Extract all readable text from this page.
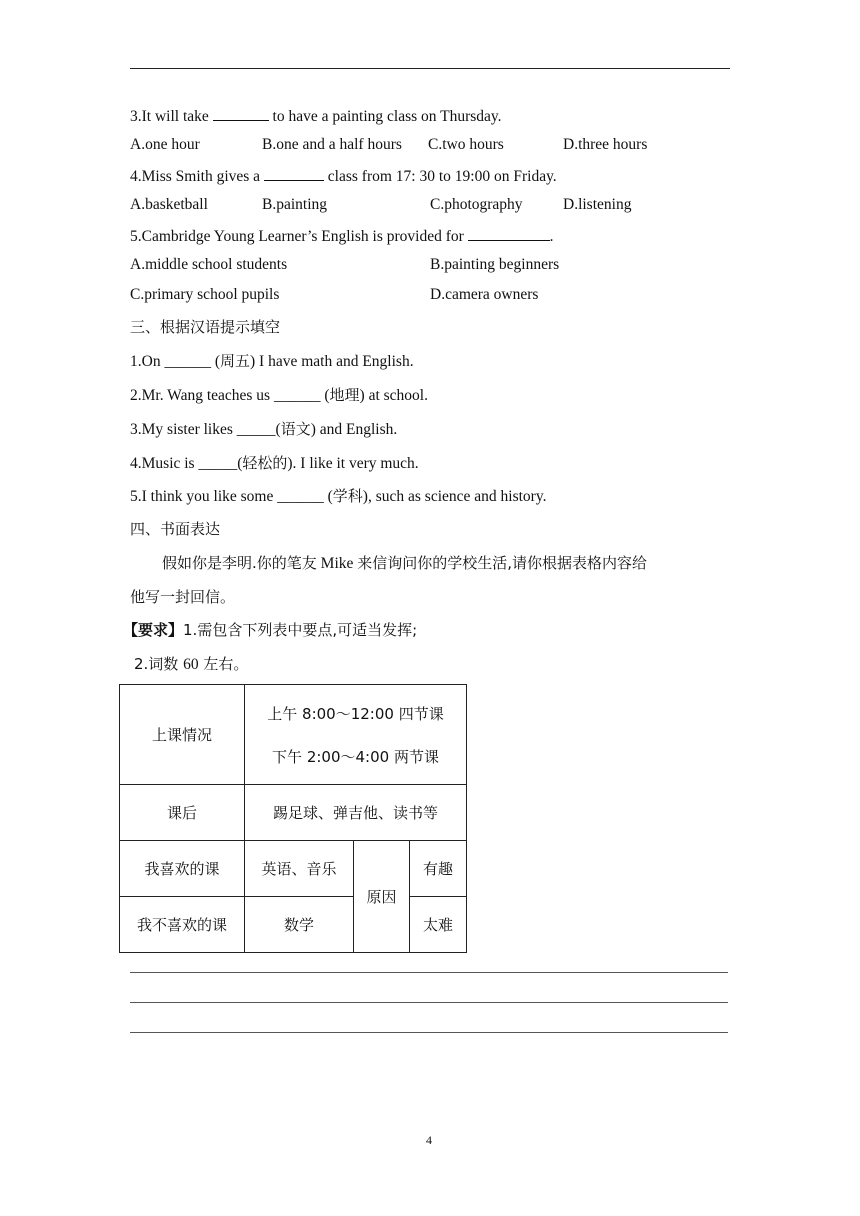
3.It will take	to have a painting class on Thursday.
A.one hour	B.one and a half hours C.two hours	D.three hours
4.Miss Smith gives a	class from 17: 30 to 19:00 on Friday.
A.basketball	B.painting	C.photography	D.listening
5.Cambridge Young Learner’s English is provided for	.
A.middle school students	B.painting beginners
C.primary school pupils	D.camera owners
三、根据汉语提示填空
1.On ______ (周五) I have math and English.
2.Mr. Wang teaches us ______ (地理) at school.
3.My sister likes _____(语文) and English.
4.Music is _____(轻松的). I like it very much.
5.I think you like some ______ (学科), such as science and history.
四、书面表达
假如你是李明.你的笔友 Mike 来信询问你的学校生活,请你根据表格内容给
他写一封回信。
【要求】1.需包含下列表中要点,可适当发挥;
2.词数 60 左右。
上课情况	上午 8:00～12:00 四节课
下午 2:00～4:00 两节课		

课后	踢足球、弹吉他、读书等		
我喜欢的课	英语、音乐	原因	有趣
我不喜欢的课	数学		太难
4
